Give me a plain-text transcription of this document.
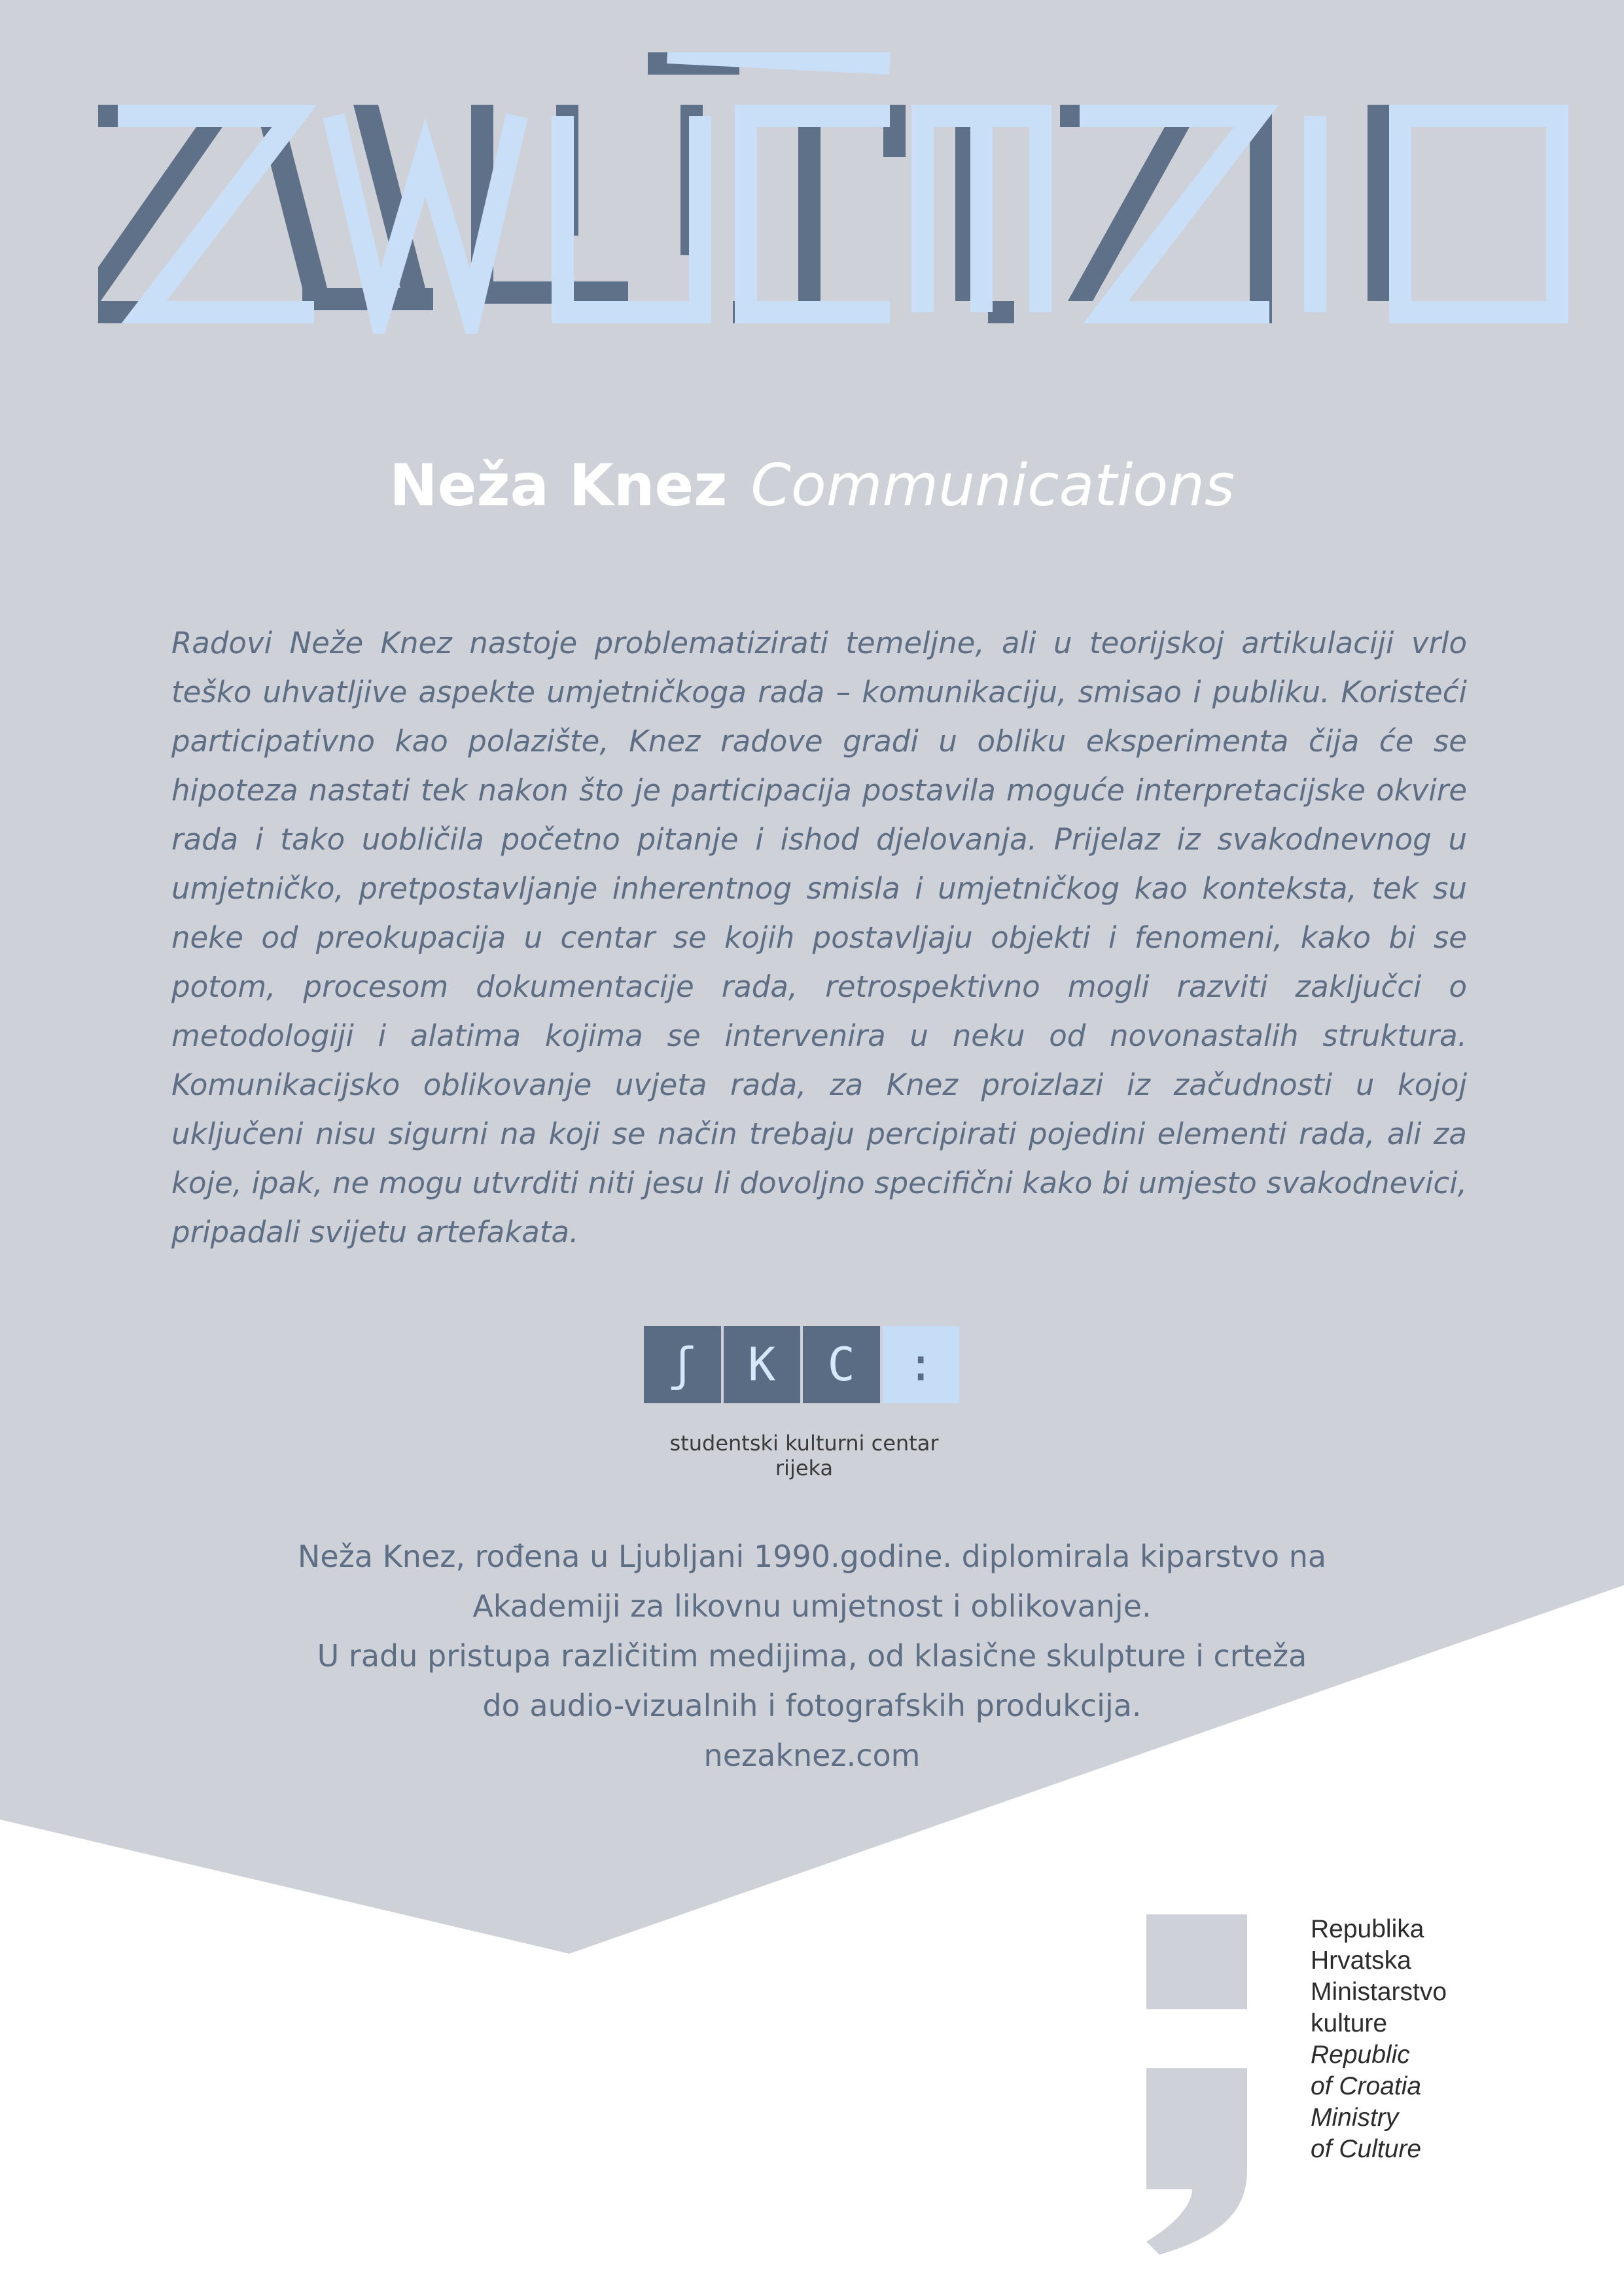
Neža Knez Communications

Radovi Neže Knez nastoje problematizirati temeljne, ali u teorijskoj artikulaciji vrlo teško uhvatljive aspekte umjetničkoga rada – komunikaciju, smisao i publiku. Koristeći participativno kao polazište, Knez radove gradi u obliku eksperimenta čija će se hipoteza nastati tek nakon što je participacija postavila moguće interpretacijske okvire rada i tako uobličila početno pitanje i ishod djelovanja. Prijelaz iz svakodnevnog u umjetničko, pretpostavljanje inherentnog smisla i umjetničkog kao konteksta, tek su neke od preokupacija u centar se kojih postavljaju objekti i fenomeni, kako bi se potom, procesom dokumentacije rada, retrospektivno mogli razviti zaključci o metodologiji i alatima kojima se intervenira u neku od novonastalih struktura. Komunikacijsko oblikovanje uvjeta rada, za Knez proizlazi iz začudnosti u kojoj uključeni nisu sigurni na koji se način trebaju percipirati pojedini elementi rada, ali za koje, ipak, ne mogu utvrditi niti jesu li dovoljno specifični kako bi umjesto svakodnevici, pripadali svijetu artefakata.

ʃ	K	C	:
studentski kulturni centar rijeka
Neža Knez, rođena u Ljubljani 1990.godine. diplomirala kiparstvo na
Akademiji za likovnu umjetnost i oblikovanje.
U radu pristupa različitim medijima, od klasične skulpture i crteža
do audio-vizualnih i fotografskih produkcija.
nezaknez.com
Republika
Hrvatska
Ministarstvo
kulture
Republic
of Croatia
Ministry
of Culture
